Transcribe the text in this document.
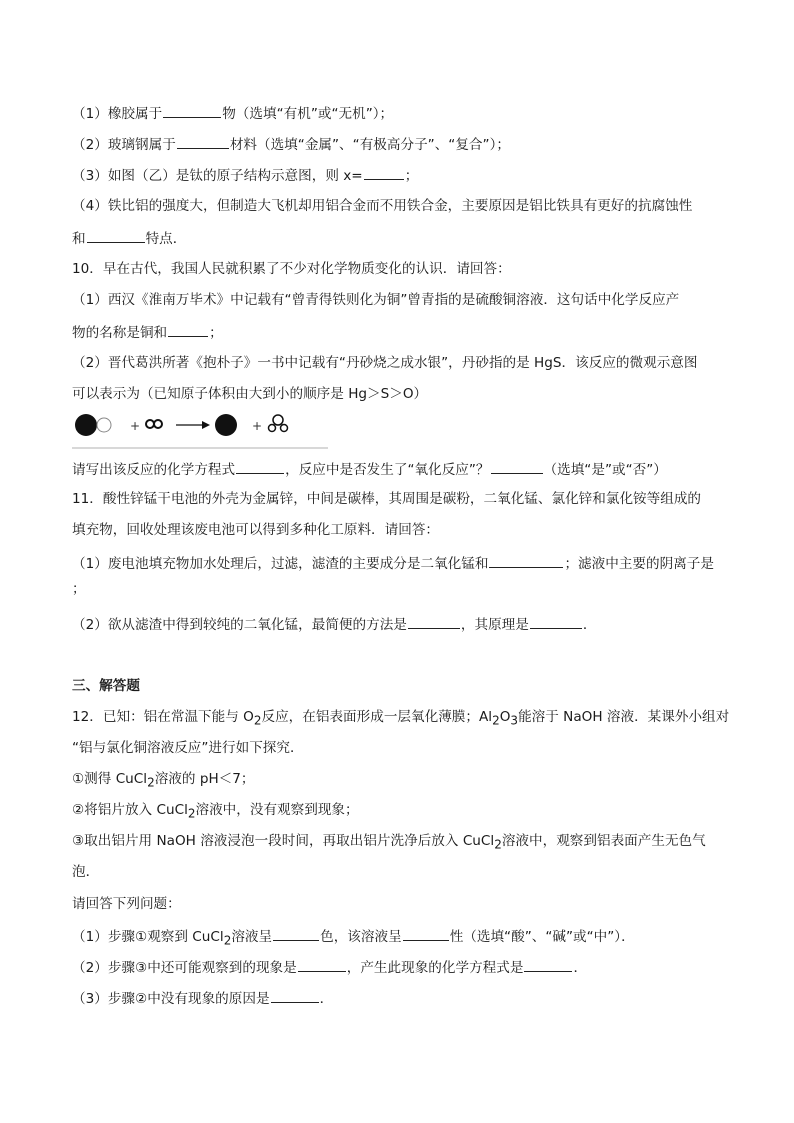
（1）橡胶属于	物（选填“有机”或“无机”）；
（2）玻璃钢属于	材料（选填“金属”、“有极高分子”、“复合”）；
（3）如图（乙）是钛的原子结构示意图，则 x=	；
（4）铁比铝的强度大，但制造大飞机却用铝合金而不用铁合金，主要原因是铝比铁具有更好的抗腐蚀性
和	特点．
10．早在古代，我国人民就积累了不少对化学物质变化的认识．请回答：
（1）西汉《淮南万毕术》中记载有“曾青得铁则化为铜”曾青指的是硫酸铜溶液．这句话中化学反应产
物的名称是铜和	；
（2）晋代葛洪所著《抱朴子》一书中记载有“丹砂烧之成水银”，丹砂指的是 HgS．该反应的微观示意图
可以表示为（已知原子体积由大到小的顺序是 Hg＞S＞O）
+	+
请写出该反应的化学方程式	，反应中是否发生了“氧化反应”？	（选填“是”或“否”）
11．酸性锌锰干电池的外壳为金属锌，中间是碳棒，其周围是碳粉，二氧化锰、氯化锌和氯化铵等组成的
填充物，回收处理该废电池可以得到多种化工原料．请回答：
（1）废电池填充物加水处理后，过滤，滤渣的主要成分是二氧化锰和	；滤液中主要的阴离子是
；
（2）欲从滤渣中得到较纯的二氧化锰，最简便的方法是	，其原理是	．
三、解答题
12．已知：铝在常温下能与 $O_2$反应，在铝表面形成一层氧化薄膜；$Al_2O_3$能溶于 NaOH 溶液．某课外小组对
“铝与氯化铜溶液反应”进行如下探究．
①测得 CuCl$_2$溶液的 pH＜7；
②将铝片放入 CuCl$_2$溶液中，没有观察到现象；
③取出铝片用 NaOH 溶液浸泡一段时间，再取出铝片洗净后放入 CuCl$_2$溶液中，观察到铝表面产生无色气
泡．
请回答下列问题：
（1）步骤①观察到 CuCl$_2$溶液呈	色，该溶液呈	性（选填“酸”、“碱”或“中”）．
（2）步骤③中还可能观察到的现象是	，产生此现象的化学方程式是	．
（3）步骤②中没有现象的原因是	．
